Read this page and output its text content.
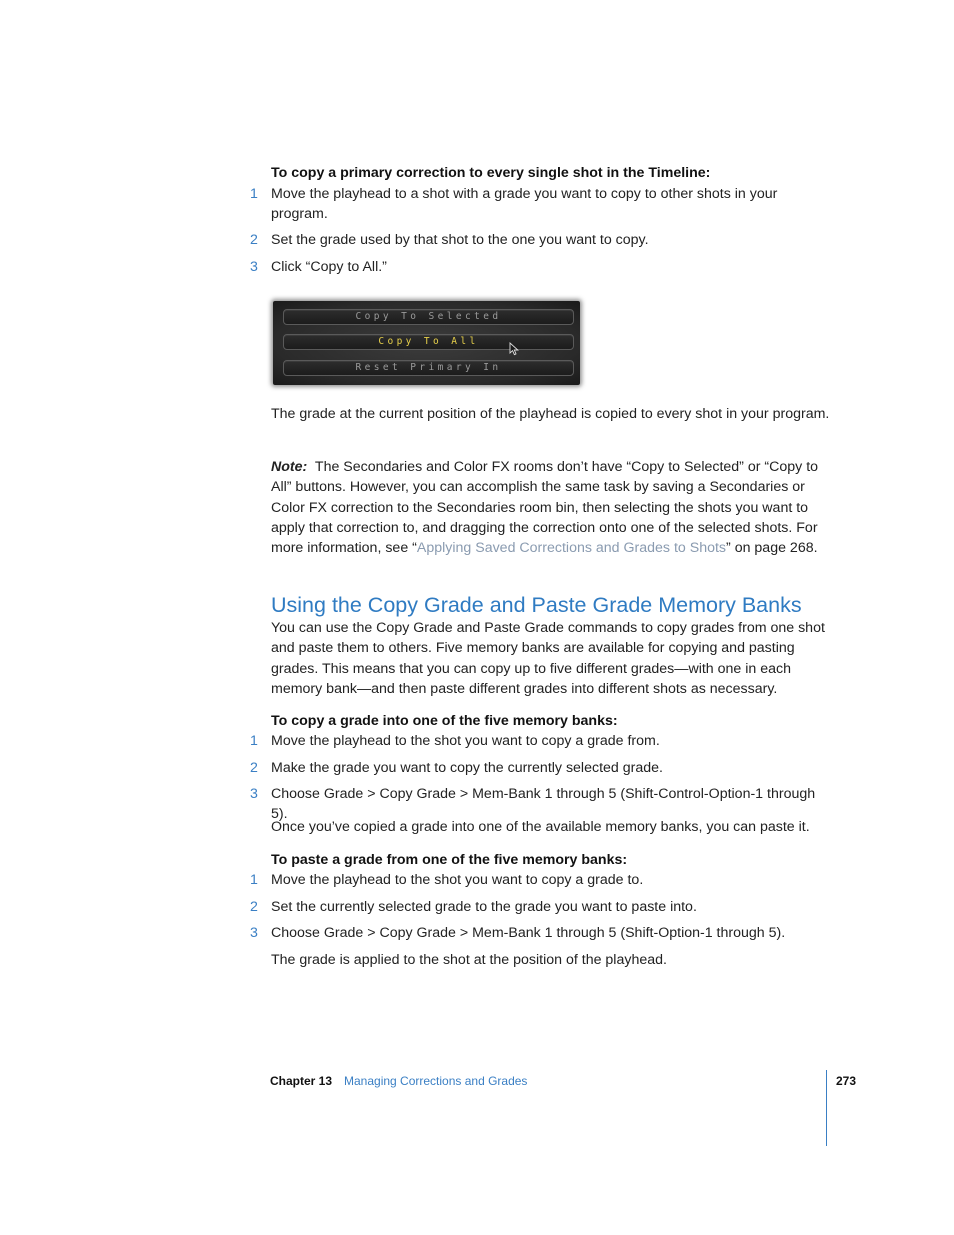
To copy a primary correction to every single shot in the Timeline:
1 Move the playhead to a shot with a grade you want to copy to other shots in your program.
2 Set the grade used by that shot to the one you want to copy.
3 Click “Copy to All.”
Copy To Selected
Copy To All
Reset Primary In
The grade at the current position of the playhead is copied to every shot in your program.
Note: The Secondaries and Color FX rooms don’t have “Copy to Selected” or “Copy to All” buttons. However, you can accomplish the same task by saving a Secondaries or Color FX correction to the Secondaries room bin, then selecting the shots you want to apply that correction to, and dragging the correction onto one of the selected shots. For more information, see “Applying Saved Corrections and Grades to Shots” on page 268.
Using the Copy Grade and Paste Grade Memory Banks
You can use the Copy Grade and Paste Grade commands to copy grades from one shot and paste them to others. Five memory banks are available for copying and pasting grades. This means that you can copy up to five different grades—with one in each memory bank—and then paste different grades into different shots as necessary.
To copy a grade into one of the five memory banks:
1 Move the playhead to the shot you want to copy a grade from.
2 Make the grade you want to copy the currently selected grade.
3 Choose Grade > Copy Grade > Mem-Bank 1 through 5 (Shift-Control-Option-1 through 5).
Once you’ve copied a grade into one of the available memory banks, you can paste it.
To paste a grade from one of the five memory banks:
1 Move the playhead to the shot you want to copy a grade to.
2 Set the currently selected grade to the grade you want to paste into.
3 Choose Grade > Copy Grade > Mem-Bank 1 through 5 (Shift-Option-1 through 5).
The grade is applied to the shot at the position of the playhead.
Chapter 13 Managing Corrections and Grades	273
